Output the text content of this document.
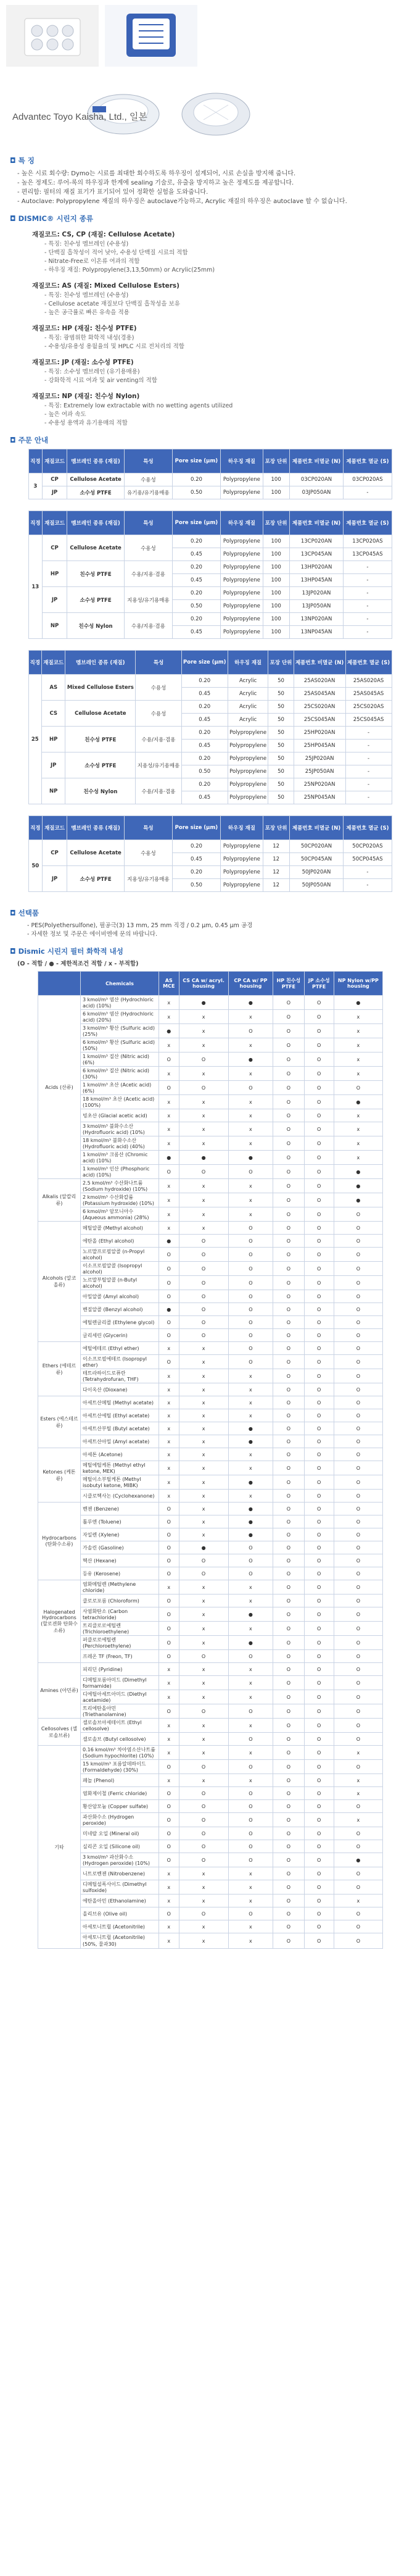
Advantec Toyo Kaisha, Ltd., 일본
◘ 특 징

- 높은 시료 회수량: Dymo는 시료를 최대한 회수하도록 하우징이 설계되어, 시료 손실을 방지해 줍니다.

- 높은 정제도: 루어-록의 하우징과 한계에 sealing 기술로, 유출을 방지하고 높은 정제도를 제공합니다.

- 편리함: 필터의 재질 표기가 표기되어 있어 정확한 실험을 도와줍니다.

- Autoclave: Polypropylene 재질의 하우징은 autoclave가능하고, Acrylic 재질의 하우징은 autoclave 할 수 없습니다.

◘ DISMIC® 시린지 종류
재질코드: CS, CP (재질: Cellulose Acetate)
- 특징: 친수성 멤브레인 (수용성)
- 단백질 흡착성이 적어 낮아, 수용성 단백질 시료의 적합
- Nitrate-Free로 이온류 여과의 적합
- 하우징 재질: Polypropylene(3,13,50mm) or Acrylic(25mm)
재질코드: AS (재질: Mixed Cellulose Esters)
- 특징: 친수성 멤브레인 (수용성)
- Cellulose acetate 재질보다 단백질 흡착성을 보유
- 높은 공극률로 빠른 유속을 적용
재질코드: HP (재질: 친수성 PTFE)
- 특징: 광범위한 화학적 내성(경용)
- 수용성/유용성 용월율의 및 HPLC 시료 전처리의 적합
재질코드: JP (재질: 소수성 PTFE)
- 특징: 소수성 멤브레인 (유기용매용)
- 강화학적 시료 여과 및 air venting의 적합
재질코드: NP (재질: 친수성 Nylon)
- 특징: Extremely low extractable with no wetting agents utilized
- 높은 여과 속도
- 수용성 용액과 유기용매의 적합
◘ 주문 안내
직경	재질코드	멤브레인 종류 (재질)	특성	Pore size (μm)	하우징 재질	포장 단위	제품번호 비멸균 (N)	제품번호 멸균 (S)
3	CP	Cellulose Acetate	수용성	0.20	Polypropylene	100	03CP020AN	03CP020AS
	JP	소수성 PTFE	유기용/유기용매용	0.50	Polypropylene	100	03JP050AN	-
직경	재질코드	멤브레인 종류 (재질)	특성	Pore size (μm)	하우징 재질	포장 단위	제품번호 비멸균 (N)	제품번호 멸균 (S)
13	CP	Cellulose Acetate	수용성	0.20	Polypropylene	100	13CP020AN	13CP020AS
				0.45	Polypropylene	100	13CP045AN	13CP045AS
	HP	친수성 PTFE	수용/지용·겸용	0.20	Polypropylene	100	13HP020AN	-
				0.45	Polypropylene	100	13HP045AN	-
	JP	소수성 PTFE	지용성/유기용매용	0.20	Polypropylene	100	13JP020AN	-
				0.50	Polypropylene	100	13JP050AN	-
	NP	친수성 Nylon	수용/지용·겸용	0.20	Polypropylene	100	13NP020AN	-
				0.45	Polypropylene	100	13NP045AN	-
직경	재질코드	멤브레인 종류 (재질)	특성	Pore size (μm)	하우징 재질	포장 단위	제품번호 비멸균 (N)	제품번호 멸균 (S)
25	AS	Mixed Cellulose Esters	수용성	0.20	Acrylic	50	25AS020AN	25AS020AS
				0.45	Acrylic	50	25AS045AN	25AS045AS
	CS	Cellulose Acetate	수용성	0.20	Acrylic	50	25CS020AN	25CS020AS
				0.45	Acrylic	50	25CS045AN	25CS045AS
	HP	친수성 PTFE	수용/지용·겸용	0.20	Polypropylene	50	25HP020AN	-
				0.45	Polypropylene	50	25HP045AN	-
	JP	소수성 PTFE	지용성/유기용매용	0.20	Polypropylene	50	25JP020AN	-
				0.50	Polypropylene	50	25JP050AN	-
	NP	친수성 Nylon	수용/지용·겸용	0.20	Polypropylene	50	25NP020AN	-
				0.45	Polypropylene	50	25NP045AN	-
직경	재질코드	멤브레인 종류 (재질)	특성	Pore size (μm)	하우징 재질	포장 단위	제품번호 비멸균 (N)	제품번호 멸균 (S)
50	CP	Cellulose Acetate	수용성	0.20	Polypropylene	12	50CP020AN	50CP020AS
				0.45	Polypropylene	12	50CP045AN	50CP045AS
	JP	소수성 PTFE	지용성/유기용매용	0.20	Polypropylene	12	50JP020AN	-
				0.50	Polypropylene	12	50JP050AN	-
◘ 선택품

- PES(Polyethersulfone), 필공극(3) 13 mm, 25 mm 직경 / 0.2 μm, 0.45 μm 공경

- 자세한 정보 및 주문은 에이비엔에 문의 바랍니다.

◘ Dismic 시린지 필터 화학적 내성

(O - 적합 / ● - 제한적조건 적합 / x - 부적합)

	Chemicals	AS MCE	CS CA w/ acryl. housing	CP CA w/ PP housing	HP 친수성 PTFE	JP 소수성 PTFE	NP Nylon w/PP housing
Acids (산류)	3 kmol/m³ 염산 (Hydrochloric acid) (10%)	x	●	●	O	O	●
	6 kmol/m³ 염산 (Hydrochloric acid) (20%)	x	x	x	O	O	x
	3 kmol/m³ 황산 (Sulfuric acid) (25%)	●	x	O	O	O	x
	6 kmol/m³ 황산 (Sulfuric acid) (50%)	x	x	x	O	O	x
	1 kmol/m³ 질산 (Nitric acid) (6%)	O	O	●	O	O	x
	6 kmol/m³ 질산 (Nitric acid) (30%)	x	x	x	O	O	x
	1 kmol/m³ 초산 (Acetic acid) (6%)	O	O	O	O	O	O
	18 kmol/m³ 초산 (Acetic acid) (100%)	x	x	x	O	O	●
	빙초산 (Glacial acetic acid)	x	x	x	O	O	x
	3 kmol/m³ 불화수소산 (Hydrofluoric acid) (10%)	x	x	x	O	O	x
	18 kmol/m³ 불화수소산 (Hydrofluoric acid) (40%)	x	x	x	O	O	x
	1 kmol/m³ 크롬산 (Chromic acid) (10%)	●	●	●	O	O	x
	1 kmol/m³ 인산 (Phosphoric acid) (10%)	O	O	O	O	O	●
Alkalis (알칼리류)	2.5 kmol/m³ 수산화나트륨 (Sodium hydroxide) (10%)	x	x	x	O	O	●
	2 kmol/m³ 수산화칼륨 (Potassium hydroxide) (10%)	x	x	x	O	O	●
	6 kmol/m³ 암모니아수 (Aqueous ammonia) (28%)	x	x	x	O	O	O
Alcohols (알코올류)	메틸알콜 (Methyl alcohol)	x	x	O	O	O	O
	에탄올 (Ethyl alcohol)	●	O	O	O	O	O
	노르말프로필알콜 (n-Propyl alcohol)	O	O	O	O	O	O
	이소프로필알콜 (Isopropyl alcohol)	O	O	O	O	O	O
	노르말부틸알콜 (n-Butyl alcohol)	O	O	O	O	O	O
	아밀알콜 (Amyl alcohol)	O	O	O	O	O	O
	벤질알콜 (Benzyl alcohol)	●	O	O	O	O	O
	에틸렌글리콜 (Ethylene glycol)	O	O	O	O	O	O
	글리세린 (Glycerin)	O	O	O	O	O	O
Ethers (에테르류)	에틸에테르 (Ethyl ether)	x	x	O	O	O	O
	이소프로필에테르 (Isopropyl ether)	O	x	O	O	O	O
	테트라하이드로퓨란 (Tetrahydrofuran, THF)	x	x	x	O	O	O
	다이옥산 (Dioxane)	x	x	x	O	O	O
Esters (에스테르류)	아세트산메틸 (Methyl acetate)	x	x	x	O	O	O
	아세트산에틸 (Ethyl acetate)	x	x	x	O	O	O
	아세트산부틸 (Butyl acetate)	x	x	●	O	O	O
	아세트산아밀 (Amyl acetate)	x	x	●	O	O	O
Ketones (케톤류)	아세톤 (Acetone)	x	x	x	O	O	O
	메틸에틸케톤 (Methyl ethyl ketone, MEK)	x	x	x	O	O	O
	메틸이소부틸케톤 (Methyl isobutyl ketone, MIBK)	x	x	●	O	O	O
	시클로헥사논 (Cyclohexanone)	x	x	x	O	O	O
Hydrocarbons (탄화수소류)	벤젠 (Benzene)	O	x	●	O	O	O
	톨루엔 (Toluene)	O	x	●	O	O	O
	자일렌 (Xylene)	O	x	●	O	O	O
	가솔린 (Gasoline)	O	●	O	O	O	O
	헥산 (Hexane)	O	O	O	O	O	O
	등유 (Kerosene)	O	O	O	O	O	O
Halogenated Hydrocarbons (할로겐화 탄화수소류)	염화메틸렌 (Methylene chloride)	x	x	x	O	O	O
	클로로포름 (Chloroform)	O	x	x	O	O	O
	사염화탄소 (Carbon tetrachloride)	O	x	●	O	O	O
	트리클로로에틸렌 (Trichloroethylene)	O	x	x	O	O	O
	퍼클로로에틸렌 (Perchloroethylene)	O	x	●	O	O	O
	프레온 TF (Freon, TF)	O	O	O	O	O	O
Amines (아민류)	피리딘 (Pyridine)	x	x	x	O	O	O
	디메틸포름아미드 (Dimethyl formamide)	x	x	x	O	O	O
	디에틸아세트아미드 (Diethyl acetamide)	x	x	x	O	O	O
	트리에탄올아민 (Triethanolamine)	O	O	O	O	O	O
Cellosolves (셀로솔브류)	셀로솔브아세테이트 (Ethyl cellosolve)	x	x	x	O	O	O
	셀로솔브 (Butyl cellosolve)	x	x	O	O	O	O
기타	0.16 kmol/m³ 차아염소산나트륨 (Sodium hypochlorite) (10%)	x	x	x	O	O	x
	15 kmol/m³ 포름알데하이드 (Formaldehyde) (30%)	O	O	O	O	O	O
	페놀 (Phenol)	x	x	x	O	O	x
	염화제이철 (Ferric chloride)	O	O	O	O	O	x
	황산암모늄 (Copper sulfate)	O	O	O	O	O	O
	과산화수소 (Hydrogen peroxide)	O	O	O	O	O	x
	미네랄 오일 (Mineral oil)	O	O	O	O	O	O
	실리콘 오일 (Silicone oil)	O	O	O	O	O	O
	3 kmol/m³ 과산화수소 (Hydrogen peroxide) (10%)	O	O	O	O	O	●
	니트로벤젠 (Nitrobenzene)	x	x	x	O	O	O
	디메틸설폭사이드 (Dimethyl sulfoxide)	x	x	x	O	O	O
	에탄올아민 (Ethanolamine)	x	x	x	O	O	x
	올리브유 (Olive oil)	O	O	O	O	O	O
	아세토니트릴 (Acetonitrile)	x	x	x	O	O	O
	아세토니트릴 (Acetonitrile) (50%, 물과30)	x	x	x	O	O	O
